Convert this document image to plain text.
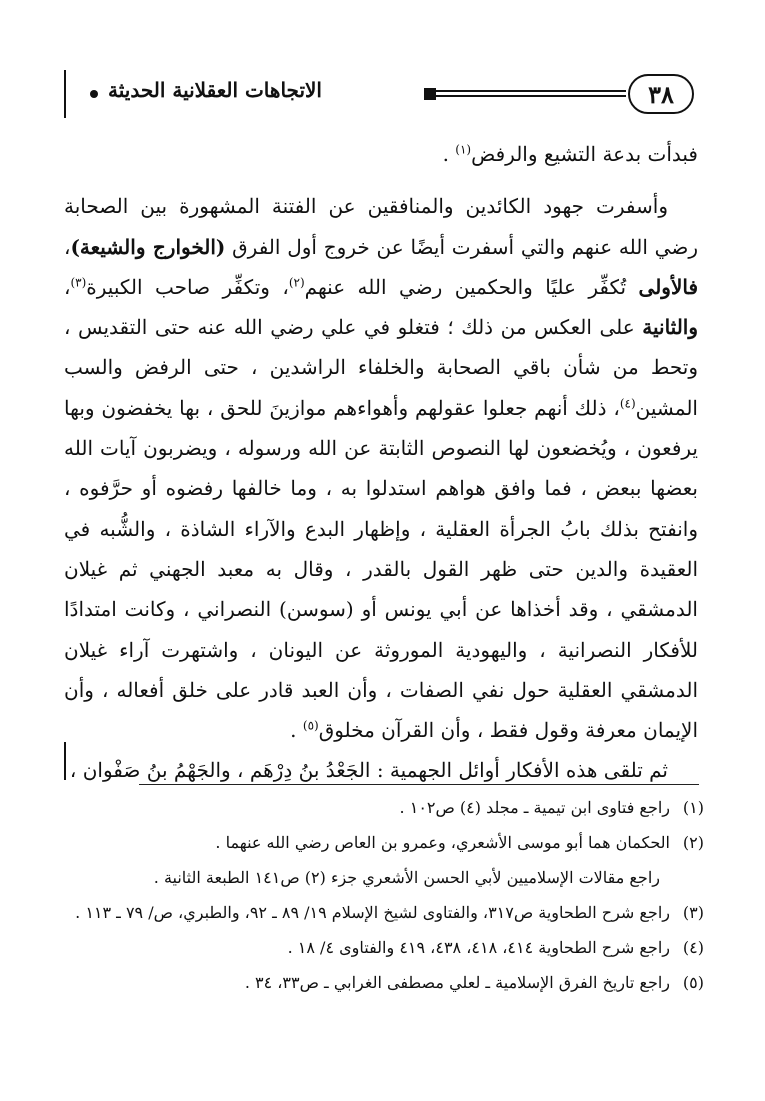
٣٨
الاتجاهات العقلانية الحديثة

فبدأت بدعة التشيع والرفض$^{(١)}$ .

وأسفرت جهود الكائدين والمنافقين عن الفتنة المشهورة بين الصحابة رضي الله عنهم والتي أسفرت أيضًا عن خروج أول الفرق (الخوارج والشيعة)، فالأولى تُكفِّر عليًا والحكمين رضي الله عنهم$^{(٢)}$، وتكفِّر صاحب الكبيرة$^{(٣)}$، والثانية على العكس من ذلك ؛ فتغلو في علي رضي الله عنه حتى التقديس ، وتحط من شأن باقي الصحابة والخلفاء الراشدين ، حتى الرفض والسب المشين$^{(٤)}$، ذلك أنهم جعلوا عقولهم وأهواءهم موازينَ للحق ، بها يخفضون وبها يرفعون ، ويُخضعون لها النصوص الثابتة عن الله ورسوله ، ويضربون آيات الله بعضها ببعض ، فما وافق هواهم استدلوا به ، وما خالفها رفضوه أو حرَّفوه ، وانفتح بذلك بابُ الجرأة العقلية ، وإظهار البدع والآراء الشاذة ، والشُّبه في العقيدة والدين حتى ظهر القول بالقدر ، وقال به معبد الجهني ثم غيلان الدمشقي ، وقد أخذاها عن أبي يونس أو (سوسن) النصراني ، وكانت امتدادًا للأفكار النصرانية ، واليهودية الموروثة عن اليونان ، واشتهرت آراء غيلان الدمشقي العقلية حول نفي الصفات ، وأن العبد قادر على خلق أفعاله ، وأن الإيمان معرفة وقول فقط ، وأن القرآن مخلوق$^{(٥)}$ .

ثم تلقى هذه الأفكار أوائل الجهمية : الجَعْدُ بنُ دِرْهَم ، والجَهْمُ بنُ صَفْوان ،

(١)
راجع فتاوى ابن تيمية ـ مجلد (٤) ص١٠٢ .
(٢)
الحكمان هما أبو موسى الأشعري، وعمرو بن العاص رضي الله عنهما .
راجع مقالات الإسلاميين لأبي الحسن الأشعري جزء (٢) ص١٤١ الطبعة الثانية .
(٣)
راجع شرح الطحاوية ص٣١٧، والفتاوى لشيخ الإسلام ١٩/ ٨٩ ـ ٩٢، والطبري، ص/ ٧٩ ـ ١١٣ .
(٤)
راجع شرح الطحاوية ٤١٤، ٤١٨، ٤٣٨، ٤١٩ والفتاوى ٤/ ١٨ .
(٥)
راجع تاريخ الفرق الإسلامية ـ لعلي مصطفى الغرابي ـ ص٣٣، ٣٤ .
